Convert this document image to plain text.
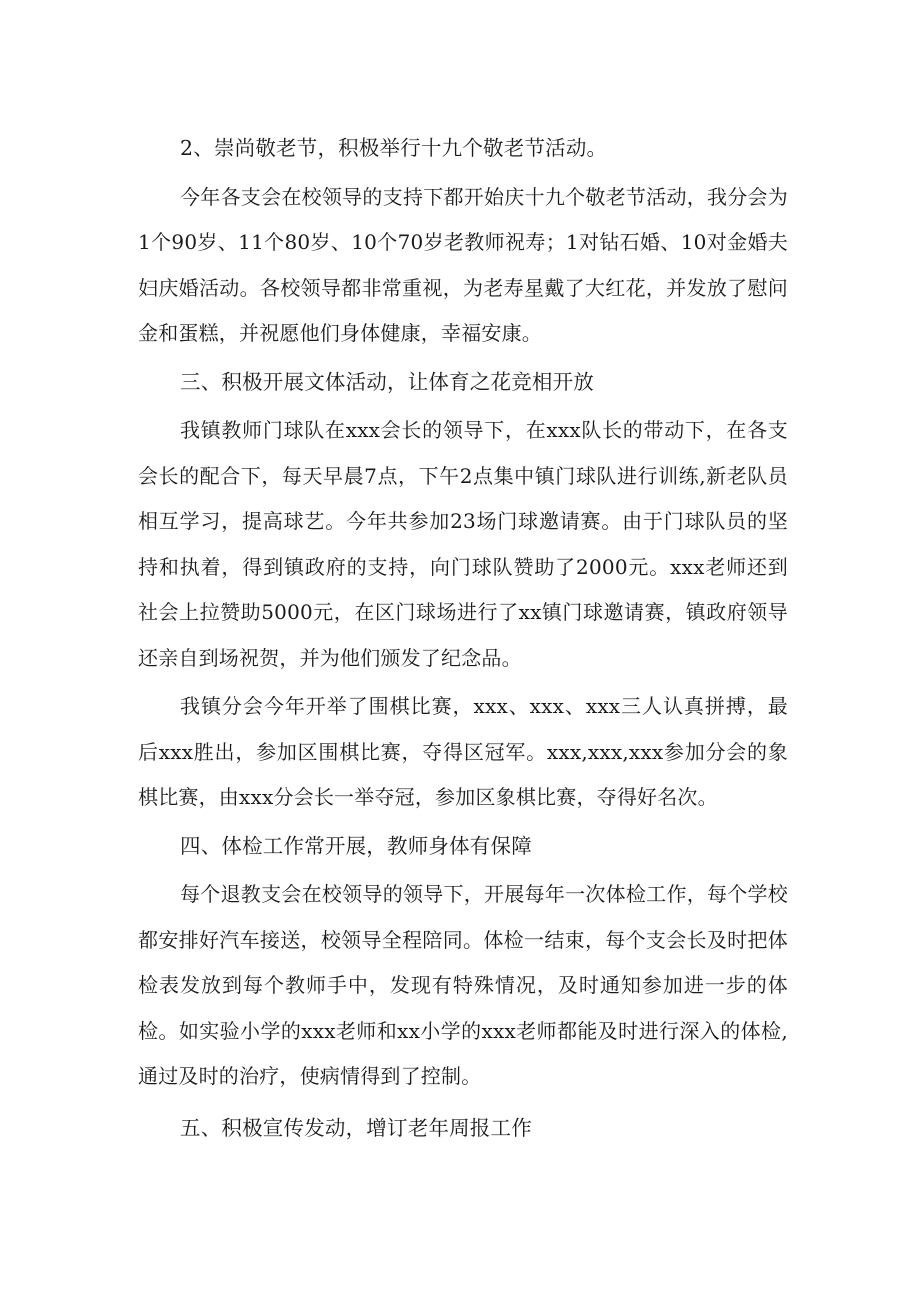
2、崇尚敬老节，积极举行十九个敬老节活动。

今年各支会在校领导的支持下都开始庆十九个敬老节活动，我分会为1个90岁、11个80岁、10个70岁老教师祝寿；1对钻石婚、10对金婚夫妇庆婚活动。各校领导都非常重视，为老寿星戴了大红花，并发放了慰问金和蛋糕，并祝愿他们身体健康，幸福安康。

三、积极开展文体活动，让体育之花竞相开放

我镇教师门球队在xxx会长的领导下，在xxx队长的带动下，在各支会长的配合下，每天早晨7点，下午2点集中镇门球队进行训练,新老队员相互学习，提高球艺。今年共参加23场门球邀请赛。由于门球队员的坚持和执着，得到镇政府的支持，向门球队赞助了2000元。xxx老师还到社会上拉赞助5000元，在区门球场进行了xx镇门球邀请赛，镇政府领导还亲自到场祝贺，并为他们颁发了纪念品。

我镇分会今年开举了围棋比赛，xxx、xxx、xxx三人认真拼搏，最后xxx胜出，参加区围棋比赛，夺得区冠军。xxx,xxx,xxx参加分会的象棋比赛，由xxx分会长一举夺冠，参加区象棋比赛，夺得好名次。

四、体检工作常开展，教师身体有保障

每个退教支会在校领导的领导下，开展每年一次体检工作，每个学校都安排好汽车接送，校领导全程陪同。体检一结束，每个支会长及时把体检表发放到每个教师手中，发现有特殊情况，及时通知参加进一步的体检。如实验小学的xxx老师和xx小学的xxx老师都能及时进行深入的体检,通过及时的治疗，使病情得到了控制。

五、积极宣传发动，增订老年周报工作
